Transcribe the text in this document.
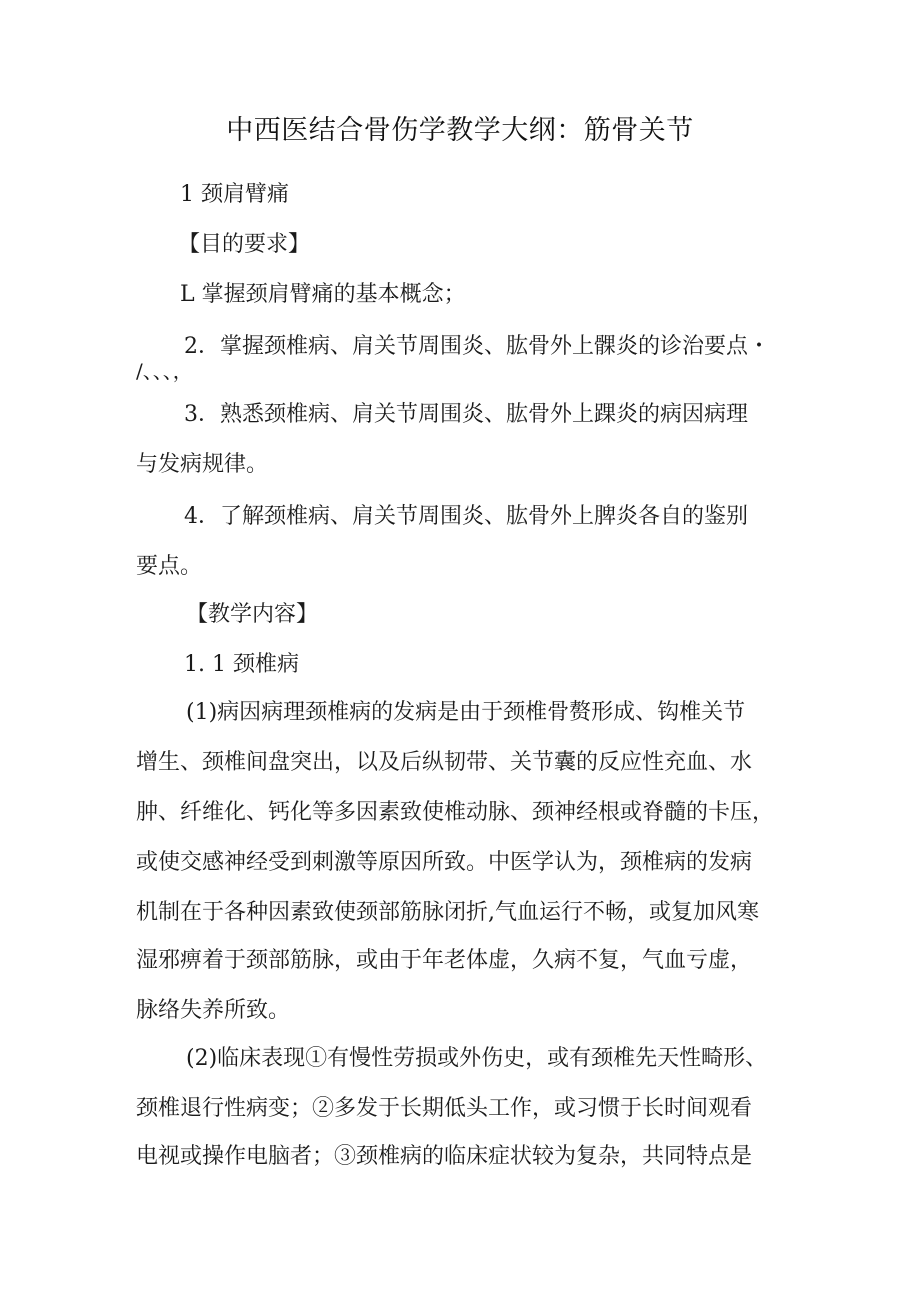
中西医结合骨伤学教学大纲：筋骨关节
1 颈肩臂痛
【目的要求】
L 掌握颈肩臂痛的基本概念；
2．掌握颈椎病、肩关节周围炎、肱骨外上髁炎的诊治要点・
/、、、，
3．熟悉颈椎病、肩关节周围炎、肱骨外上踝炎的病因病理
与发病规律。
4．了解颈椎病、肩关节周围炎、肱骨外上脾炎各自的鉴别
要点。
【教学内容】
1. 1 颈椎病
(1)病因病理颈椎病的发病是由于颈椎骨赘形成、钩椎关节
增生、颈椎间盘突出，以及后纵韧带、关节囊的反应性充血、水
肿、纤维化、钙化等多因素致使椎动脉、颈神经根或脊髓的卡压，
或使交感神经受到刺激等原因所致。中医学认为，颈椎病的发病
机制在于各种因素致使颈部筋脉闭折,气血运行不畅，或复加风寒
湿邪痹着于颈部筋脉，或由于年老体虚，久病不复，气血亏虚，
脉络失养所致。
(2)临床表现①有慢性劳损或外伤史，或有颈椎先天性畸形、
颈椎退行性病变；②多发于长期低头工作，或习惯于长时间观看
电视或操作电脑者；③颈椎病的临床症状较为复杂，共同特点是
